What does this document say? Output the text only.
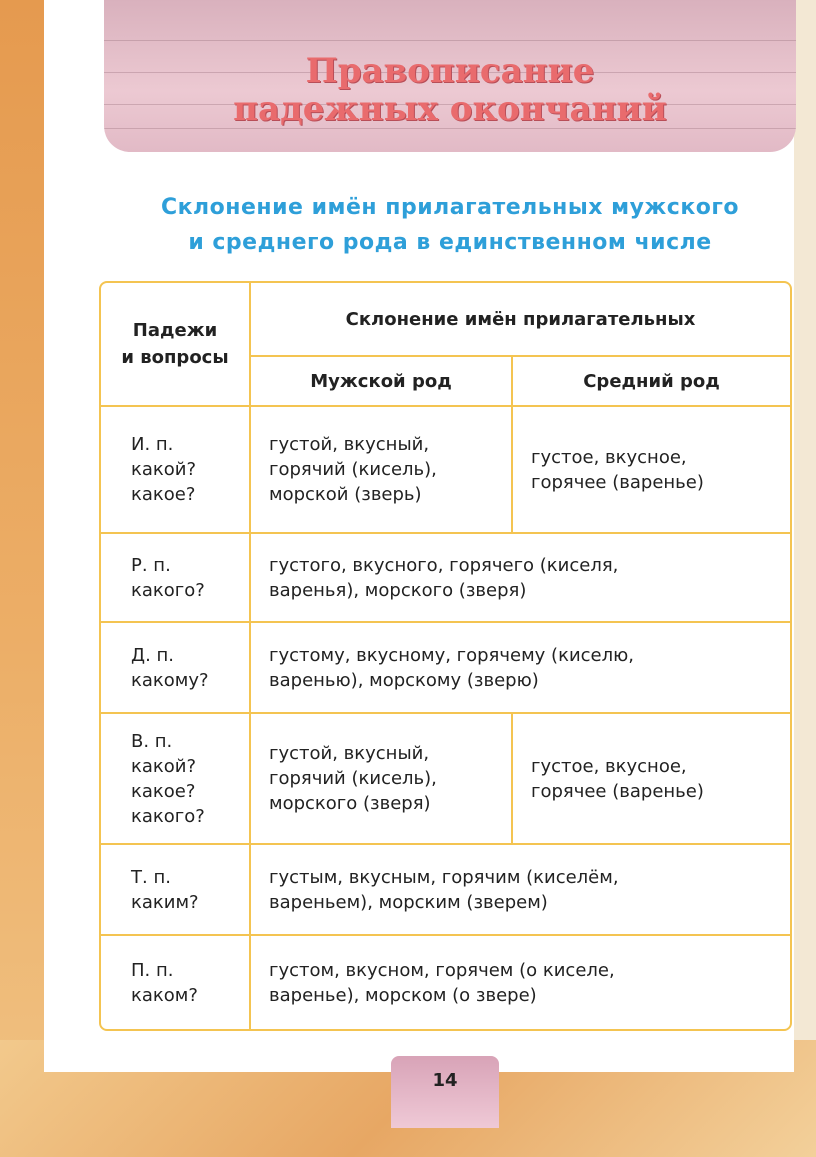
Правописание
падежных окончаний
Склонение имён прилагательных мужского
и среднего рода в единственном числе
Падежи
и вопросы	Склонение имён прилагательных	
	Мужской род	Средний род
И. п.
какой?
какое?	густой, вкусный,
горячий (кисель),
морской (зверь)	густое, вкусное,
горячее (варенье)
Р. п.
какого?	густого, вкусного, горячего (киселя,
варенья), морского (зверя)	
Д. п.
какому?	густому, вкусному, горячему (киселю,
варенью), морскому (зверю)	
В. п.
какой?
какое?
какого?	густой, вкусный,
горячий (кисель),
морского (зверя)	густое, вкусное,
горячее (варенье)
Т. п.
каким?	густым, вкусным, горячим (киселём,
вареньем), морским (зверем)	
П. п.
каком?	густом, вкусном, горячем (о киселе,
варенье), морском (о звере)	
14
